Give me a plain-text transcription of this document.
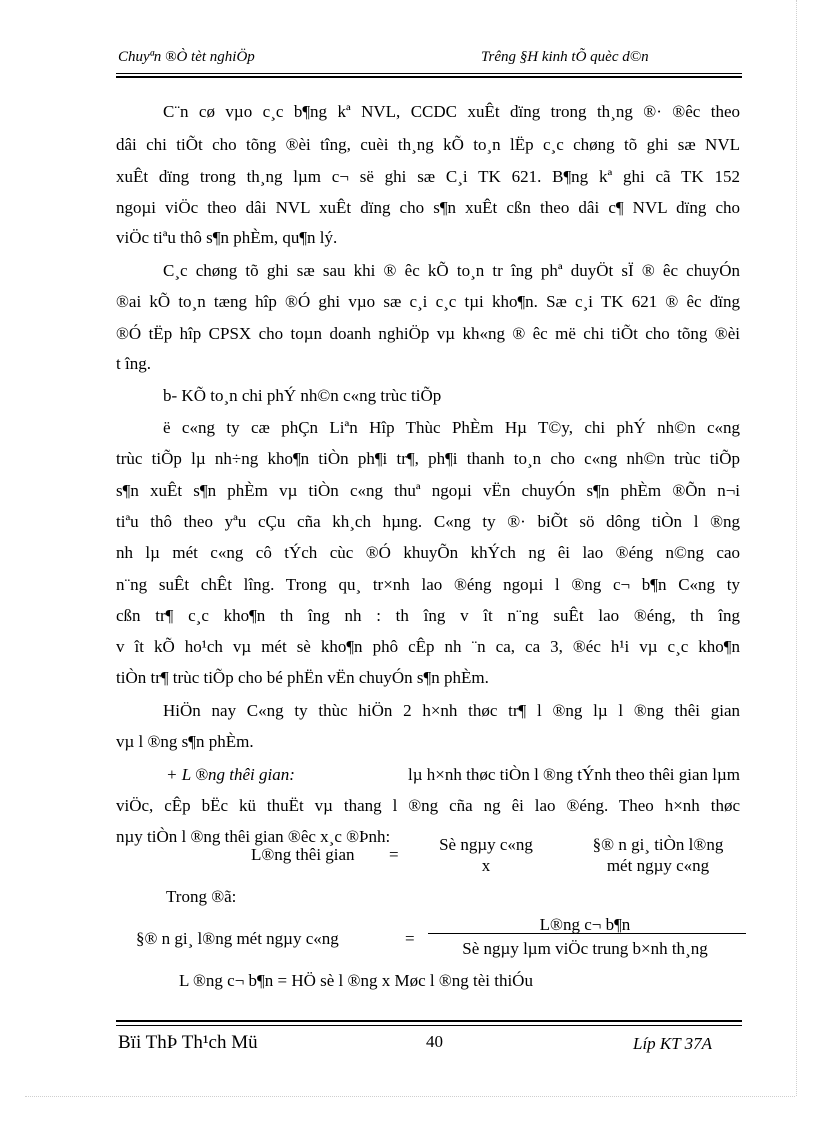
Chuyªn ®Ò tèt nghiÖp	Trêng §H kinh tÕ quèc d©n
C¨n cø vµo c¸c b¶ng kª NVL, CCDC xuÊt dïng trong th¸ng ®· ®êc theo
dâi chi tiÕt cho tõng ®èi tîng, cuèi th¸ng kÕ to¸n lËp c¸c chøng tõ ghi sæ NVL
xuÊt dïng trong th¸ng lµm c¬ së ghi sæ C¸i TK 621. B¶ng kª ghi cã TK 152
ngoµi viÖc theo dâi NVL xuÊt dïng cho s¶n xuÊt cßn theo dâi c¶ NVL dïng cho
viÖc tiªu thô s¶n phÈm, qu¶n lý.
C¸c chøng tõ ghi sæ sau khi ® êc kÕ to¸n tr îng phª duyÖt sÏ ® êc chuyÓn
®ai kÕ to¸n tæng hîp ®Ó ghi vµo sæ c¸i c¸c tµi kho¶n. Sæ c¸i TK 621 ® êc dïng
®Ó tËp hîp CPSX cho toµn doanh nghiÖp vµ kh«ng ® êc më chi tiÕt cho tõng ®èi
t îng.
b- KÕ to¸n chi phÝ nh©n c«ng trùc tiÕp
ë c«ng ty cæ phÇn Liªn Hîp Thùc PhÈm Hµ T©y, chi phÝ nh©n c«ng
trùc tiÕp lµ nh÷ng kho¶n tiÒn ph¶i tr¶, ph¶i thanh to¸n cho c«ng nh©n trùc tiÕp
s¶n xuÊt s¶n phÈm vµ tiÒn c«ng thuª ngoµi vËn chuyÓn s¶n phÈm ®Õn n¬i
tiªu thô theo yªu cÇu cña kh¸ch hµng. C«ng ty ®· biÕt sö dông tiÒn l ®ng
nh lµ mét c«ng cô tÝch cùc ®Ó khuyÕn khÝch ng êi lao ®éng n©ng cao
n¨ng suÊt chÊt lîng. Trong qu¸ tr×nh lao ®éng ngoµi l ®ng c¬ b¶n C«ng ty
cßn tr¶ c¸c kho¶n th îng nh : th îng v ît n¨ng suÊt lao ®éng, th îng
v ît kÕ ho¹ch vµ mét sè kho¶n phô cÊp nh ¨n ca, ca 3, ®éc h¹i vµ c¸c kho¶n
tiÒn tr¶ trùc tiÕp cho bé phËn vËn chuyÓn s¶n phÈm.
HiÖn nay C«ng ty thùc hiÖn 2 h×nh thøc tr¶ l ®ng lµ l ®ng thêi gian
vµ l ®ng s¶n phÈm.
+ L ®ng thêi gian:	lµ h×nh thøc tiÒn l ®ng tÝnh theo thêi gian lµm
viÖc, cÊp bËc kü thuËt vµ thang l ®ng cña ng êi lao ®éng. Theo h×nh thøc
nµy tiÒn l ®ng thêi gian ®êc x¸c ®Þnh:
L®ng thêi gian =
Sè ngµy c«ng
x
§® n gi¸ tiÒn l®ng
mét ngµy c«ng
Trong ®ã:
§® n gi¸ l®ng mét ngµy c«ng	=
L®ng c¬ b¶n
Sè ngµy lµm viÖc trung b×nh th¸ng
L ®ng c¬ b¶n = HÖ sè l ®ng x Møc l ®ng tèi thiÓu
Bïi ThÞ Th¹ch Mü	40	Líp KT 37A
